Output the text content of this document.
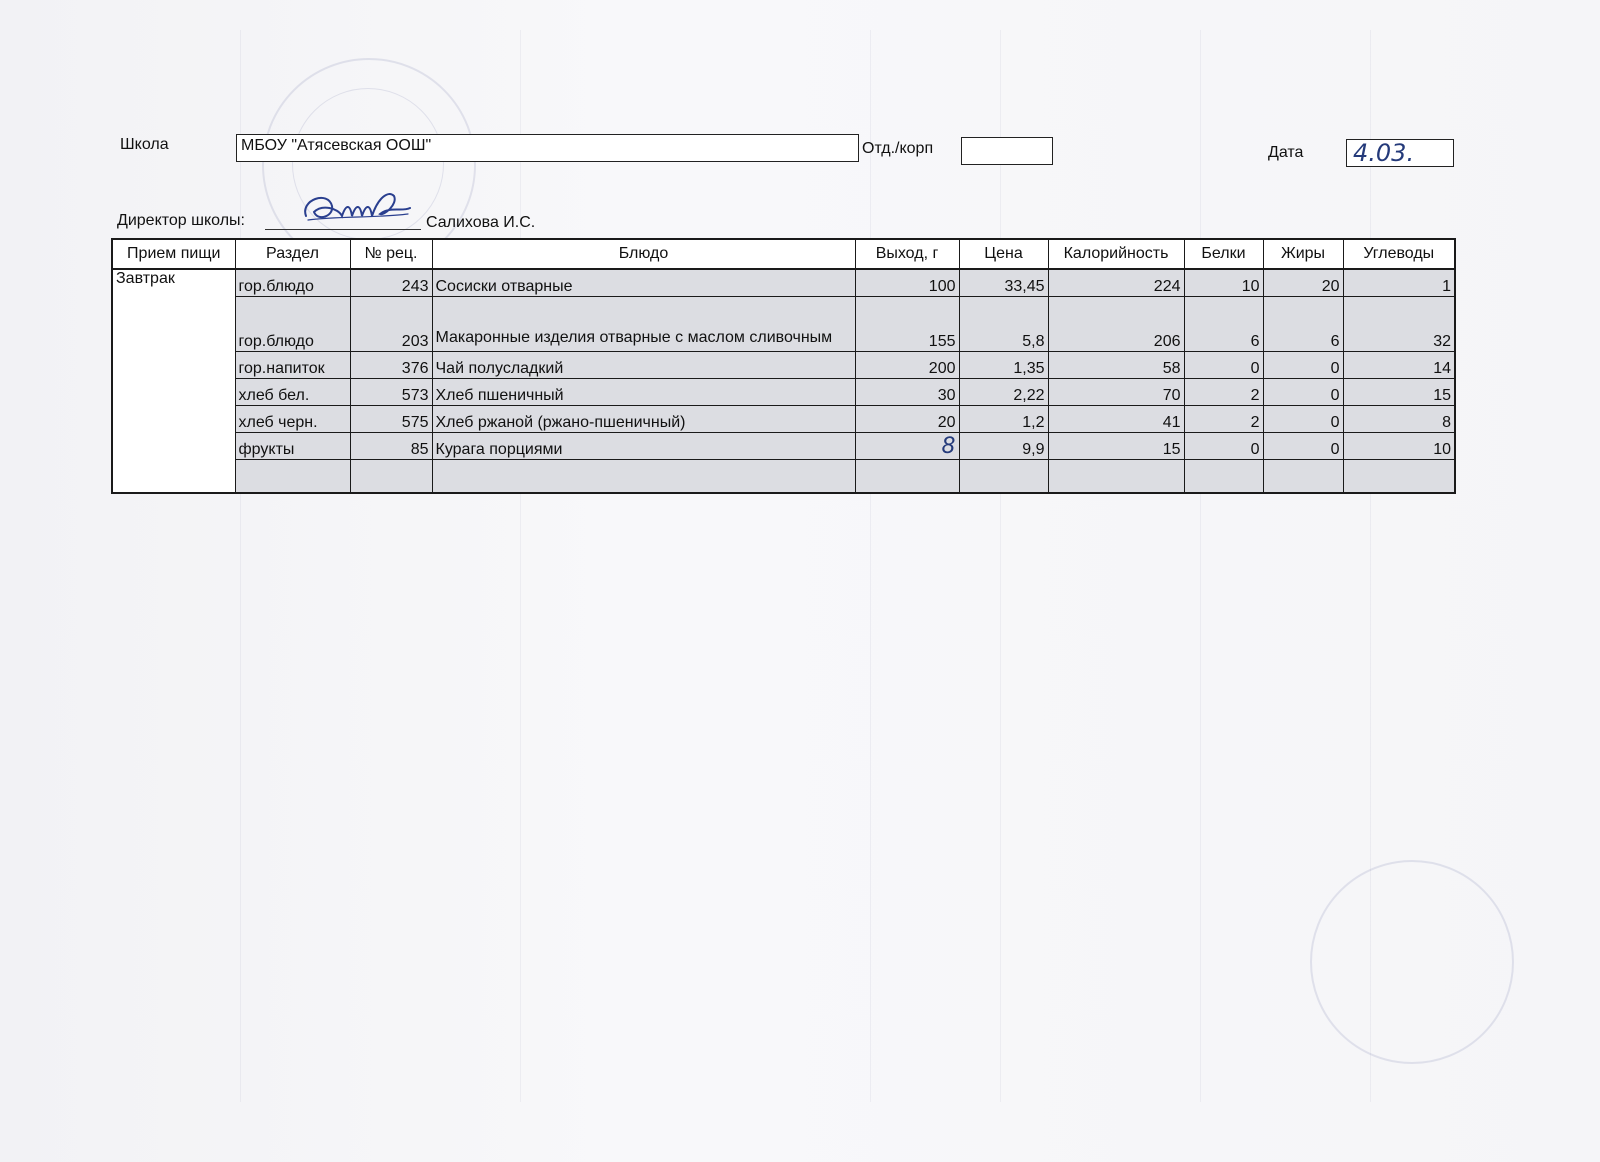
Школа	МБОУ "Атясевская ООШ"	Отд./корп	Дата 4.03.
Директор школы:	Салихова И.С.
Прием пищи	Раздел	№ рец.	Блюдо	Выход, г	Цена	Калорийность	Белки	Жиры	Углеводы
Завтрак	гор.блюдо	243	Сосиски отварные	100	33,45	224	10	20	1
	гор.блюдо	203	Макаронные изделия отварные с маслом сливочным	155	5,8	206	6	6	32
	гор.напиток	376	Чай полусладкий	200	1,35	58	0	0	14
	хлеб бел.	573	Хлеб пшеничный	30	2,22	70	2	0	15
	хлеб черн.	575	Хлеб ржаной (ржано-пшеничный)	20	1,2	41	2	0	8
	фрукты	85	Курага порциями	8	9,9	15	0	0	10
